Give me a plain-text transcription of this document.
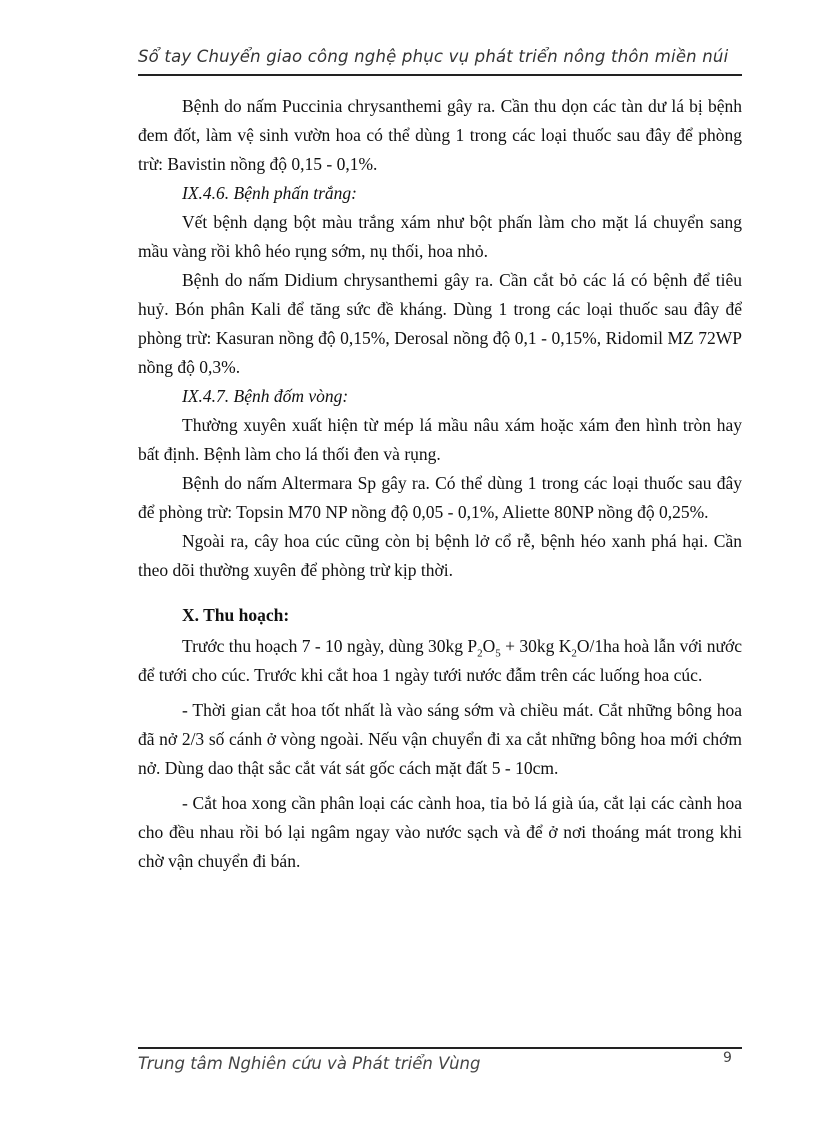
Sổ tay Chuyển giao công nghệ phục vụ phát triển nông thôn miền núi

Bệnh do nấm Puccinia chrysanthemi gây ra. Cần thu dọn các tàn dư lá bị bệnh đem đốt, làm vệ sinh vườn hoa có thể dùng 1 trong các loại thuốc sau đây để phòng trừ: Bavistin nồng độ 0,15 - 0,1%.

IX.4.6. Bệnh phấn trắng:

Vết bệnh dạng bột màu trắng xám như bột phấn làm cho mặt lá chuyển sang mầu vàng rồi khô héo rụng sớm, nụ thối, hoa nhỏ.

Bệnh do nấm Didium chrysanthemi gây ra. Cần cắt bỏ các lá có bệnh để tiêu huỷ. Bón phân Kali để tăng sức đề kháng. Dùng 1 trong các loại thuốc sau đây để phòng trừ: Kasuran nồng độ 0,15%, Derosal nồng độ 0,1 - 0,15%, Ridomil MZ 72WP nồng độ 0,3%.

IX.4.7. Bệnh đốm vòng:

Thường xuyên xuất hiện từ mép lá mầu nâu xám hoặc xám đen hình tròn hay bất định. Bệnh làm cho lá thối đen và rụng.

Bệnh do nấm Altermara Sp gây ra. Có thể dùng 1 trong các loại thuốc sau đây để phòng trừ: Topsin M70 NP nồng độ 0,05 - 0,1%, Aliette 80NP nồng độ 0,25%.

Ngoài ra, cây hoa cúc cũng còn bị bệnh lở cổ rễ, bệnh héo xanh phá hại. Cần theo dõi thường xuyên để phòng trừ kịp thời.

X. Thu hoạch:

Trước thu hoạch 7 - 10 ngày, dùng 30kg $P_2O_5 + 30kg$ $K_2O/1ha$ hoà lẫn với nước để tưới cho cúc. Trước khi cắt hoa 1 ngày tưới nước đẫm trên các luống hoa cúc.

- Thời gian cắt hoa tốt nhất là vào sáng sớm và chiều mát. Cắt những bông hoa đã nở 2/3 số cánh ở vòng ngoài. Nếu vận chuyển đi xa cắt những bông hoa mới chớm nở. Dùng dao thật sắc cắt vát sát gốc cách mặt đất 5 - 10cm.

- Cắt hoa xong cần phân loại các cành hoa, tỉa bỏ lá già úa, cắt lại các cành hoa cho đều nhau rồi bó lại ngâm ngay vào nước sạch và để ở nơi thoáng mát trong khi chờ vận chuyển đi bán.

Trung tâm Nghiên cứu và Phát triển Vùng	9
